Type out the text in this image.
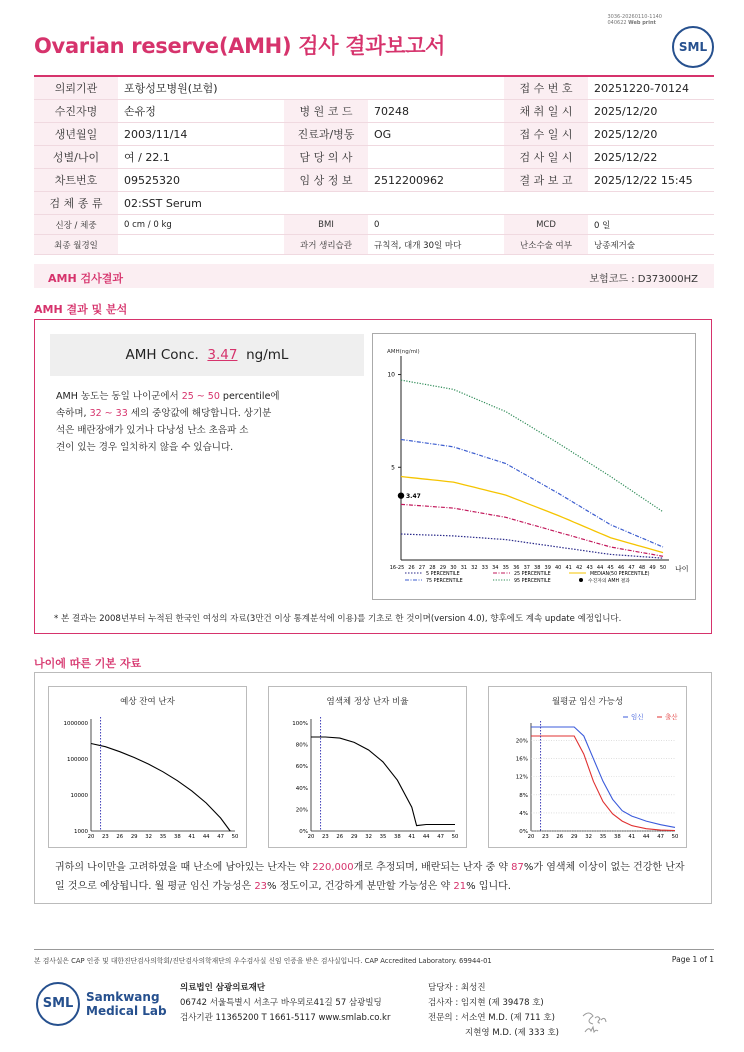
3036-20260110-1140
040622 Web print
SML
Ovarian reserve(AMH) 검사 결과보고서
의뢰기관	포항성모병원(보험)			접 수 번 호	20251220-70124
수진자명	손유정	병 원 코 드	70248	채 취 일 시	2025/12/20
생년월일	2003/11/14	진료과/병동	OG	접 수 일 시	2025/12/20
성별/나이	여 / 22.1	담 당 의 사		검 사 일 시	2025/12/22
차트번호	09525320	임 상 정 보	2512200962	결 과 보 고	2025/12/22 15:45
검 체 종 류	02:SST Serum				
신장 / 체중	0 cm / 0 kg	BMI	0	MCD	0 일
최종 월경일		과거 생리습관	규칙적, 대개 30일 마다	난소수술 여부	낭종제거술
AMH 검사결과	보험코드 : D373000HZ
AMH 결과 및 분석
AMH Conc. 3.47 ng/mL
AMH 농도는 동일 나이군에서 25 ~ 50 percentile에
속하며, 32 ~ 33 세의 중앙값에 해당합니다. 상기분
석은 배란장애가 있거나 다낭성 난소 초음파 소
견이 있는 경우 일치하지 않을 수 있습니다.
AMH(ng/ml)
5
10
16-25 26 27 28 29 30 31 32 33 34 35 36 37 38 39 40 41 42 43 44 45 46 47 48 49 50 나이
3.47
5 PERCENTILE	25 PERCENTILE	MEDIAN(50 PERCENTILE)
75 PERCENTILE	95 PERCENTILE	수진자의 AMH 결과
* 본 결과는 2008년부터 누적된 한국인 여성의 자료(3만건 이상 통계분석에 이용)를 기초로 한 것이며(version 4.0), 향후에도 계속 update 예정입니다.
나이에 따른 기본 자료
예상 잔여 난자
1000
10000
100000
1000000
20 23 26 29 32 35 38 41 44 47 50
염색체 정상 난자 비율
0%
20%
40%
60%
80%
100%
20 23 26 29 32 35 38 41 44 47 50
월평균 임신 가능성
0%
4%
8%
12%
16%
20%
20 23 26 29 32 35 38 41 44 47 50
임신	출산
귀하의 나이만을 고려하였을 때 난소에 남아있는 난자는 약 220,000개로 추정되며, 배란되는 난자 중 약 87%가 염색체 이상이 없는 건강한 난자
일 것으로 예상됩니다. 월 평균 임신 가능성은 23% 정도이고, 건강하게 분만할 가능성은 약 21% 입니다.
본 검사실은 CAP 인증 및 대한진단검사의학회/진단검사의학재단의 우수검사실 신임 인증을 받은 검사실입니다. CAP Accredited Laboratory. 69944-01	Page 1 of 1
SML	Samkwang
Medical Lab
의료법인 삼광의료재단
06742 서울특별시 서초구 바우뫼로41길 57 삼광빌딩
검사기관 11365200 T 1661-5117 www.smlab.co.kr
담당자 : 최성진
검사자 : 임지현 (제 39478 호)
전문의 : 서소연 M.D. (제 711 호)
지현영 M.D. (제 333 호)
